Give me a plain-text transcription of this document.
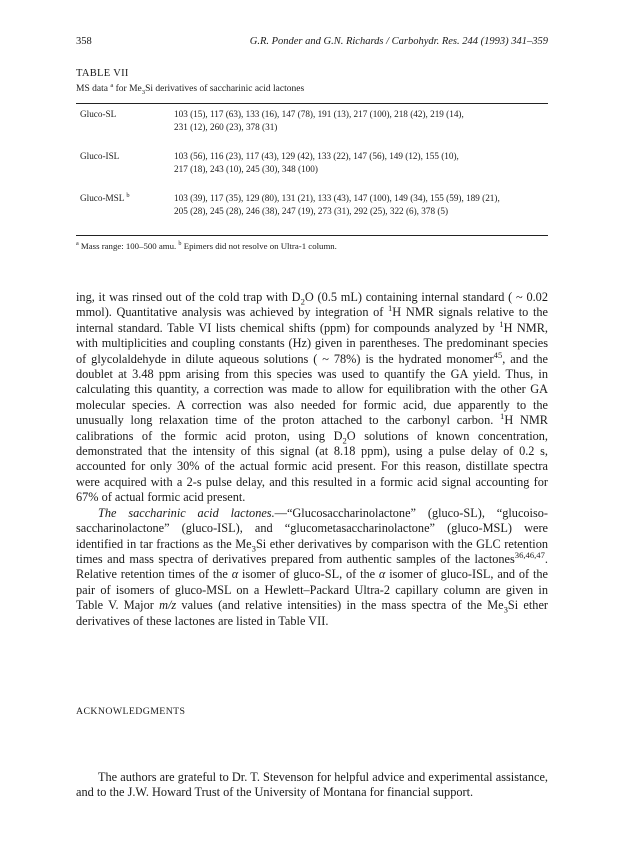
358	G.R. Ponder and G.N. Richards / Carbohydr. Res. 244 (1993) 341–359
TABLE VII
MS data $^a$ for $Me_3Si$ derivatives of saccharinic acid lactones
Gluco-SL	103 (15), 117 (63), 133 (16), 147 (78), 191 (13), 217 (100), 218 (42), 219 (14),
231 (12), 260 (23), 378 (31)
Gluco-ISL	103 (56), 116 (23), 117 (43), 129 (42), 133 (22), 147 (56), 149 (12), 155 (10),
217 (18), 243 (10), 245 (30), 348 (100)
Gluco-MSL $^b$	103 (39), 117 (35), 129 (80), 131 (21), 133 (43), 147 (100), 149 (34), 155 (59), 189 (21),
205 (28), 245 (28), 246 (38), 247 (19), 273 (31), 292 (25), 322 (6), 378 (5)
$^a$ Mass range: 100–500 amu. $^b$ Epimers did not resolve on Ultra-1 column.

ing, it was rinsed out of the cold trap with $D_2O$ (0.5 mL) containing internal standard ( ~ 0.02 mmol). Quantitative analysis was achieved by integration of $^1$H NMR signals relative to the internal standard. Table VI lists chemical shifts (ppm) for compounds analyzed by $^1$H NMR, with multiplicities and coupling constants (Hz) given in parentheses. The predominant species of glycolaldehyde in dilute aqueous solutions ( ~ 78%) is the hydrated monomer$^{45}$, and the doublet at 3.48 ppm arising from this species was used to quantify the GA yield. Thus, in calculating this quantity, a correction was made to allow for equilibration with the other GA molecular species. A correction was also needed for formic acid, due apparently to the unusually long relaxation time of the proton attached to the carbonyl carbon. $^1$H NMR calibrations of the formic acid proton, using $D_2O$ solutions of known concentration, demonstrated that the intensity of this signal (at 8.18 ppm), using a pulse delay of 0.2 s, accounted for only 30% of the actual formic acid present. For this reason, distillate spectra were acquired with a 2-s pulse delay, and this resulted in a formic acid signal accounting for 67% of actual formic acid present.

The saccharinic acid lactones.—“Glucosaccharinolactone” (gluco-SL), “glucoiso-saccharinolactone” (gluco-ISL), and “glucometasaccharinolactone” (gluco-MSL) were identified in tar fractions as the $Me_3Si$ ether derivatives by comparison with the GLC retention times and mass spectra of derivatives prepared from authentic samples of the lactones$^{36,46,47}$. Relative retention times of the α isomer of gluco-SL, of the α isomer of gluco-ISL, and of the pair of isomers of gluco-MSL on a Hewlett–Packard Ultra-2 capillary column are given in Table V. Major m/z values (and relative intensities) in the mass spectra of the $Me_3Si$ ether derivatives of these lactones are listed in Table VII.

ACKNOWLEDGMENTS

The authors are grateful to Dr. T. Stevenson for helpful advice and experimental assistance, and to the J.W. Howard Trust of the University of Montana for financial support.
